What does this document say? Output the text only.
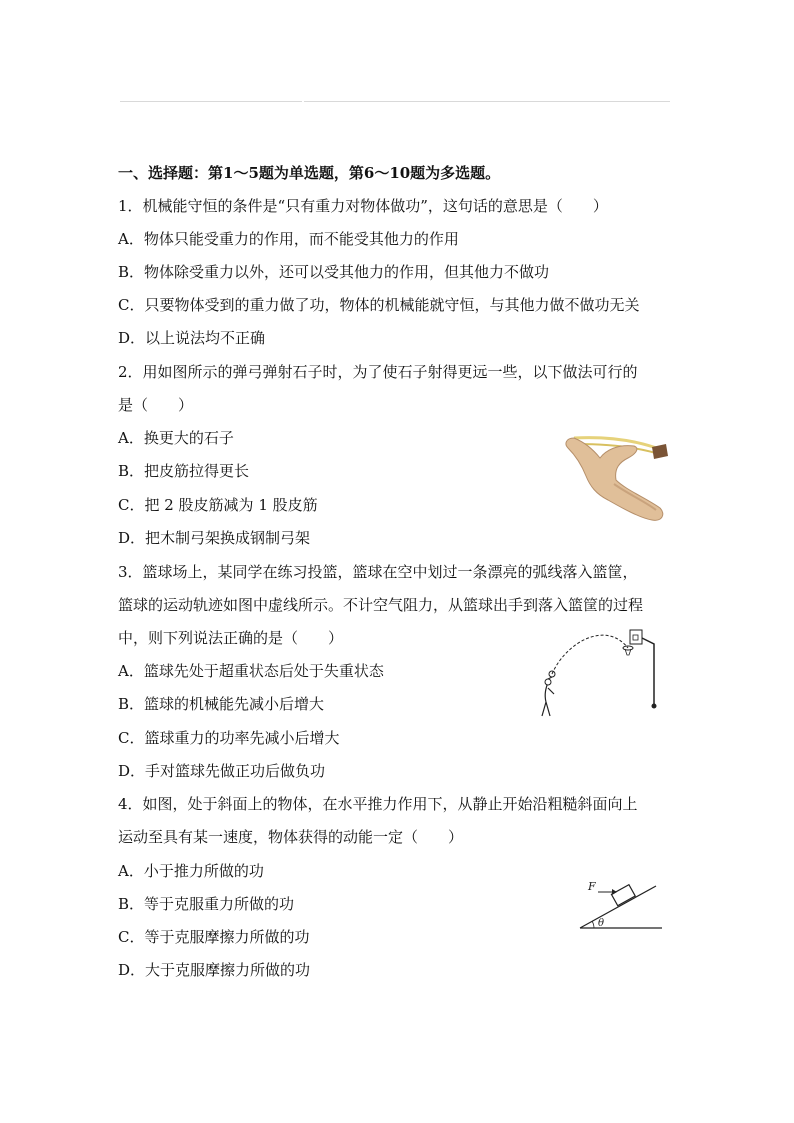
一、选择题：第1～5题为单选题，第6～10题为多选题。
1．机械能守恒的条件是“只有重力对物体做功”，这句话的意思是（　　）
A．物体只能受重力的作用，而不能受其他力的作用
B．物体除受重力以外，还可以受其他力的作用，但其他力不做功
C．只要物体受到的重力做了功，物体的机械能就守恒，与其他力做不做功无关
D．以上说法均不正确
2．用如图所示的弹弓弹射石子时，为了使石子射得更远一些，以下做法可行的
是（　　）
A．换更大的石子
B．把皮筋拉得更长
C．把 2 股皮筋减为 1 股皮筋
D．把木制弓架换成钢制弓架
3．篮球场上，某同学在练习投篮，篮球在空中划过一条漂亮的弧线落入篮筐，
篮球的运动轨迹如图中虚线所示。不计空气阻力，从篮球出手到落入篮筐的过程
中，则下列说法正确的是（　　）
A．篮球先处于超重状态后处于失重状态
B．篮球的机械能先减小后增大
C．篮球重力的功率先减小后增大
D．手对篮球先做正功后做负功
4．如图，处于斜面上的物体，在水平推力作用下，从静止开始沿粗糙斜面向上
运动至具有某一速度，物体获得的动能一定（　　）
A．小于推力所做的功
B．等于克服重力所做的功
C．等于克服摩擦力所做的功
D．大于克服摩擦力所做的功
F
θ
